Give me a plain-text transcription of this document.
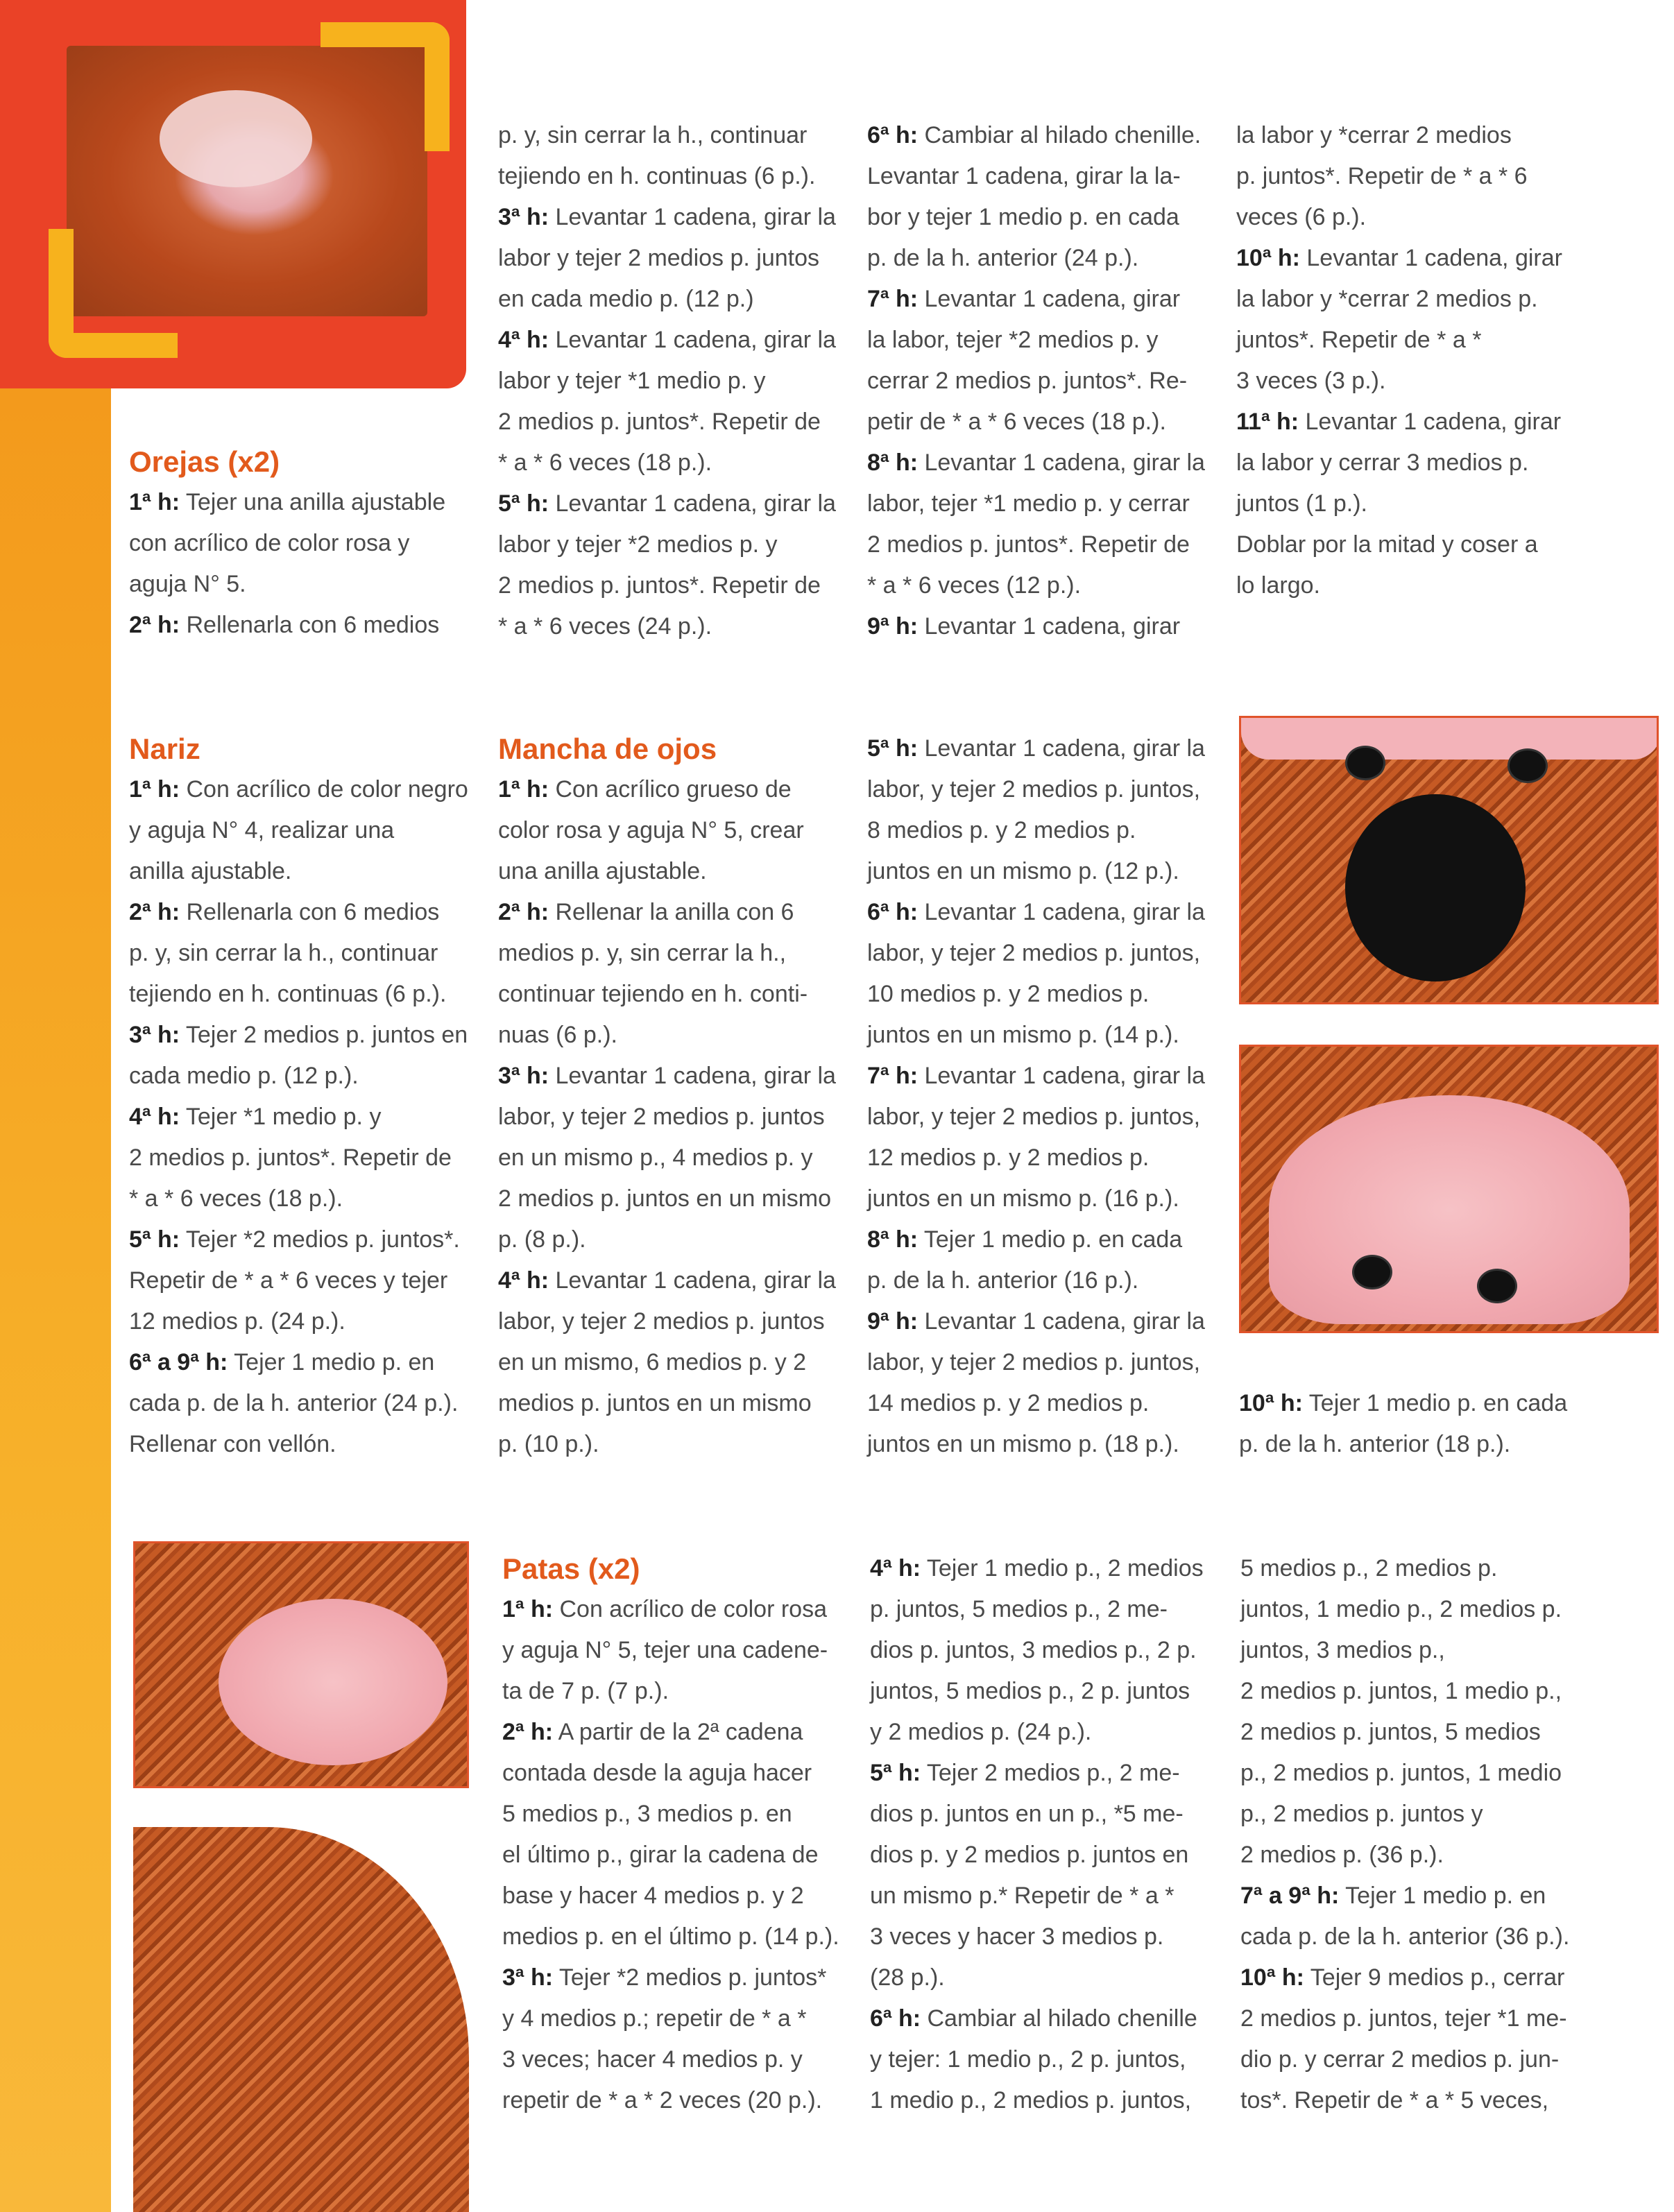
Orejas (x2)

1ª h: Tejer una anilla ajustable

con acrílico de color rosa y

aguja N° 5.

2ª h: Rellenarla con 6 medios

p. y, sin cerrar la h., continuar

tejiendo en h. continuas (6 p.).

3ª h: Levantar 1 cadena, girar la

labor y tejer 2 medios p. juntos

en cada medio p. (12 p.)

4ª h: Levantar 1 cadena, girar la

labor y tejer *1 medio p. y

2 medios p. juntos*. Repetir de

* a * 6 veces (18 p.).

5ª h: Levantar 1 cadena, girar la

labor y tejer *2 medios p. y

2 medios p. juntos*. Repetir de

* a * 6 veces (24 p.).

6ª h: Cambiar al hilado chenille.

Levantar 1 cadena, girar la la-

bor y tejer 1 medio p. en cada

p. de la h. anterior (24 p.).

7ª h: Levantar 1 cadena, girar

la labor, tejer *2 medios p. y

cerrar 2 medios p. juntos*. Re-

petir de * a * 6 veces (18 p.).

8ª h: Levantar 1 cadena, girar la

labor, tejer *1 medio p. y cerrar

2 medios p. juntos*. Repetir de

* a * 6 veces (12 p.).

9ª h: Levantar 1 cadena, girar

la labor y *cerrar 2 medios

p. juntos*. Repetir de * a * 6

veces (6 p.).

10ª h: Levantar 1 cadena, girar

la labor y *cerrar 2 medios p.

juntos*. Repetir de * a *

3 veces (3 p.).

11ª h: Levantar 1 cadena, girar

la labor y cerrar 3 medios p.

juntos (1 p.).

Doblar por la mitad y coser a

lo largo.

Nariz

1ª h: Con acrílico de color negro

y aguja N° 4, realizar una

anilla ajustable.

2ª h: Rellenarla con 6 medios

p. y, sin cerrar la h., continuar

tejiendo en h. continuas (6 p.).

3ª h: Tejer 2 medios p. juntos en

cada medio p. (12 p.).

4ª h: Tejer *1 medio p. y

2 medios p. juntos*. Repetir de

* a * 6 veces (18 p.).

5ª h: Tejer *2 medios p. juntos*.

Repetir de * a * 6 veces y tejer

12 medios p. (24 p.).

6ª a 9ª h: Tejer 1 medio p. en

cada p. de la h. anterior (24 p.).

Rellenar con vellón.

Mancha de ojos

1ª h: Con acrílico grueso de

color rosa y aguja N° 5, crear

una anilla ajustable.

2ª h: Rellenar la anilla con 6

medios p. y, sin cerrar la h.,

continuar tejiendo en h. conti-

nuas (6 p.).

3ª h: Levantar 1 cadena, girar la

labor, y tejer 2 medios p. juntos

en un mismo p., 4 medios p. y

2 medios p. juntos en un mismo

p. (8 p.).

4ª h: Levantar 1 cadena, girar la

labor, y tejer 2 medios p. juntos

en un mismo, 6 medios p. y 2

medios p. juntos en un mismo

p. (10 p.).

5ª h: Levantar 1 cadena, girar la

labor, y tejer 2 medios p. juntos,

8 medios p. y 2 medios p.

juntos en un mismo p. (12 p.).

6ª h: Levantar 1 cadena, girar la

labor, y tejer 2 medios p. juntos,

10 medios p. y 2 medios p.

juntos en un mismo p. (14 p.).

7ª h: Levantar 1 cadena, girar la

labor, y tejer 2 medios p. juntos,

12 medios p. y 2 medios p.

juntos en un mismo p. (16 p.).

8ª h: Tejer 1 medio p. en cada

p. de la h. anterior (16 p.).

9ª h: Levantar 1 cadena, girar la

labor, y tejer 2 medios p. juntos,

14 medios p. y 2 medios p.

juntos en un mismo p. (18 p.).

10ª h: Tejer 1 medio p. en cada

p. de la h. anterior (18 p.).

Patas (x2)

1ª h: Con acrílico de color rosa

y aguja N° 5, tejer una cadene-

ta de 7 p. (7 p.).

2ª h: A partir de la 2ª cadena

contada desde la aguja hacer

5 medios p., 3 medios p. en

el último p., girar la cadena de

base y hacer 4 medios p. y 2

medios p. en el último p. (14 p.).

3ª h: Tejer *2 medios p. juntos*

y 4 medios p.; repetir de * a *

3 veces; hacer 4 medios p. y

repetir de * a * 2 veces (20 p.).

4ª h: Tejer 1 medio p., 2 medios

p. juntos, 5 medios p., 2 me-

dios p. juntos, 3 medios p., 2 p.

juntos, 5 medios p., 2 p. juntos

y 2 medios p. (24 p.).

5ª h: Tejer 2 medios p., 2 me-

dios p. juntos en un p., *5 me-

dios p. y 2 medios p. juntos en

un mismo p.* Repetir de * a *

3 veces y hacer 3 medios p.

(28 p.).

6ª h: Cambiar al hilado chenille

y tejer: 1 medio p., 2 p. juntos,

1 medio p., 2 medios p. juntos,

5 medios p., 2 medios p.

juntos, 1 medio p., 2 medios p.

juntos, 3 medios p.,

2 medios p. juntos, 1 medio p.,

2 medios p. juntos, 5 medios

p., 2 medios p. juntos, 1 medio

p., 2 medios p. juntos y

2 medios p. (36 p.).

7ª a 9ª h: Tejer 1 medio p. en

cada p. de la h. anterior (36 p.).

10ª h: Tejer 9 medios p., cerrar

2 medios p. juntos, tejer *1 me-

dio p. y cerrar 2 medios p. jun-

tos*. Repetir de * a * 5 veces,
